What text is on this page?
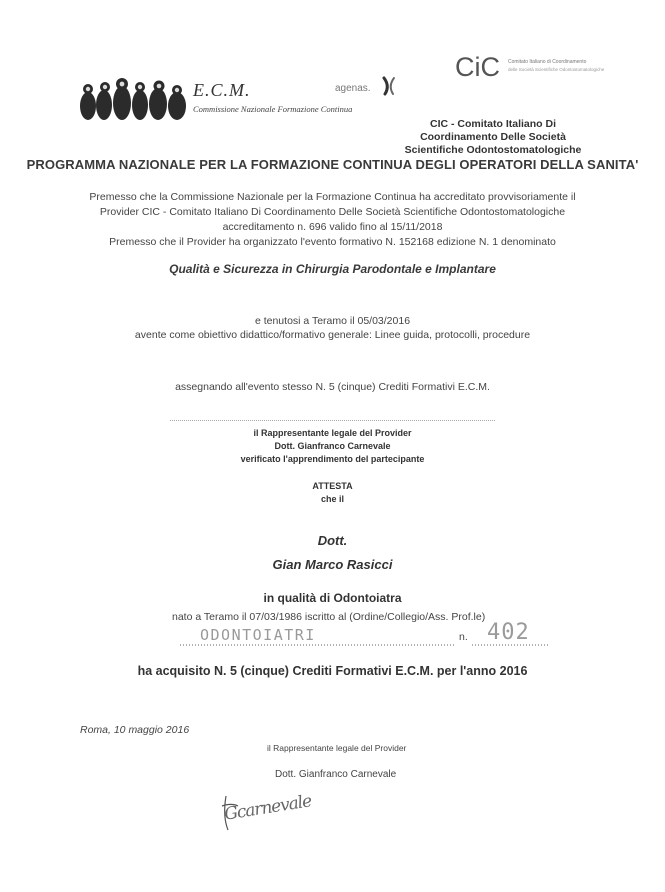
E.C.M.
Commissione Nazionale Formazione Continua
agenas.
CiC Comitato Italiano di Coordinamento
delle Società Scientifiche Odontostomatologiche
CIC - Comitato Italiano Di
Coordinamento Delle Società
Scientifiche Odontostomatologiche
PROGRAMMA NAZIONALE PER LA FORMAZIONE CONTINUA DEGLI OPERATORI DELLA SANITA'
Premesso che la Commissione Nazionale per la Formazione Continua ha accreditato provvisoriamente il
Provider CIC - Comitato Italiano Di Coordinamento Delle Società Scientifiche Odontostomatologiche
accreditamento n. 696 valido fino al 15/11/2018
Premesso che il Provider ha organizzato l'evento formativo N. 152168 edizione N. 1 denominato
Qualità e Sicurezza in Chirurgia Parodontale e Implantare
e tenutosi a Teramo il 05/03/2016
avente come obiettivo didattico/formativo generale: Linee guida, protocolli, procedure
assegnando all'evento stesso N. 5 (cinque) Crediti Formativi E.C.M.
il Rappresentante legale del Provider
Dott. Gianfranco Carnevale
verificato l'apprendimento del partecipante
ATTESTA
che il
Dott.
Gian Marco Rasicci
in qualità di Odontoiatra
nato a Teramo il 07/03/1986 iscritto al (Ordine/Collegio/Ass. Prof.le)
ODONTOIATRI	n. 402
ha acquisito N. 5 (cinque) Crediti Formativi E.C.M. per l'anno 2016
Roma, 10 maggio 2016
il Rappresentante legale del Provider
Dott. Gianfranco Carnevale
Gcarnevale
